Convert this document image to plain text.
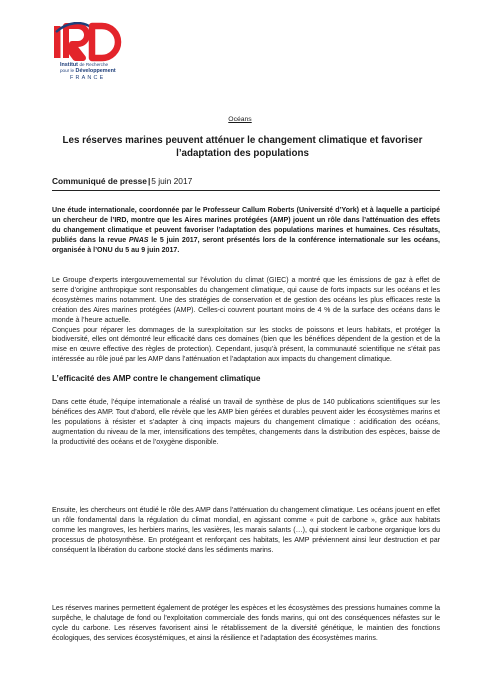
IRD
Institut de Recherche
pour le Développement
FRANCE
Océans
Les réserves marines peuvent atténuer le changement climatique et favoriser l’adaptation des populations
Communiqué de presse|5 juin 2017
Une étude internationale, coordonnée par le Professeur Callum Roberts (Université d’York) et à laquelle a participé un chercheur de l’IRD, montre que les Aires marines protégées (AMP) jouent un rôle dans l’atténuation des effets du changement climatique et peuvent favoriser l’adaptation des populations marines et humaines. Ces résultats, publiés dans la revue PNAS le 5 juin 2017, seront présentés lors de la conférence internationale sur les océans, organisée à l’ONU du 5 au 9 juin 2017.
Le Groupe d’experts intergouvernemental sur l’évolution du climat (GIEC) a montré que les émissions de gaz à effet de serre d’origine anthropique sont responsables du changement climatique, qui cause de forts impacts sur les océans et les écosystèmes marins notamment. Une des stratégies de conservation et de gestion des océans les plus efficaces reste la création des Aires marines protégées (AMP). Celles-ci couvrent pourtant moins de 4 % de la surface des océans dans le monde à l’heure actuelle.
Conçues pour réparer les dommages de la surexploitation sur les stocks de poissons et leurs habitats, et protéger la biodiversité, elles ont démontré leur efficacité dans ces domaines (bien que les bénéfices dépendent de la gestion et de la mise en œuvre effective des règles de protection). Cependant, jusqu’à présent, la communauté scientifique ne s’était pas intéressée au rôle joué par les AMP dans l’atténuation et l’adaptation aux impacts du changement climatique.
L’efficacité des AMP contre le changement climatique
Dans cette étude, l’équipe internationale a réalisé un travail de synthèse de plus de 140 publications scientifiques sur les bénéfices des AMP. Tout d’abord, elle révèle que les AMP bien gérées et durables peuvent aider les écosystèmes marins et les populations à résister et s’adapter à cinq impacts majeurs du changement climatique : acidification des océans, augmentation du niveau de la mer, intensifications des tempêtes, changements dans la distribution des espèces, baisse de la productivité des océans et de l’oxygène disponible.
Ensuite, les chercheurs ont étudié le rôle des AMP dans l’atténuation du changement climatique. Les océans jouent en effet un rôle fondamental dans la régulation du climat mondial, en agissant comme « puit de carbone », grâce aux habitats comme les mangroves, les herbiers marins, les vasières, les marais salants (…), qui stockent le carbone organique lors du processus de photosynthèse. En protégeant et renforçant ces habitats, les AMP préviennent ainsi leur destruction et par conséquent la libération du carbone stocké dans les sédiments marins.
Les réserves marines permettent également de protéger les espèces et les écosystèmes des pressions humaines comme la surpêche, le chalutage de fond ou l’exploitation commerciale des fonds marins, qui ont des conséquences néfastes sur le cycle du carbone. Les réserves favorisent ainsi le rétablissement de la diversité génétique, le maintien des fonctions écologiques, des services écosystémiques, et ainsi la résilience et l’adaptation des écosystèmes marins.
